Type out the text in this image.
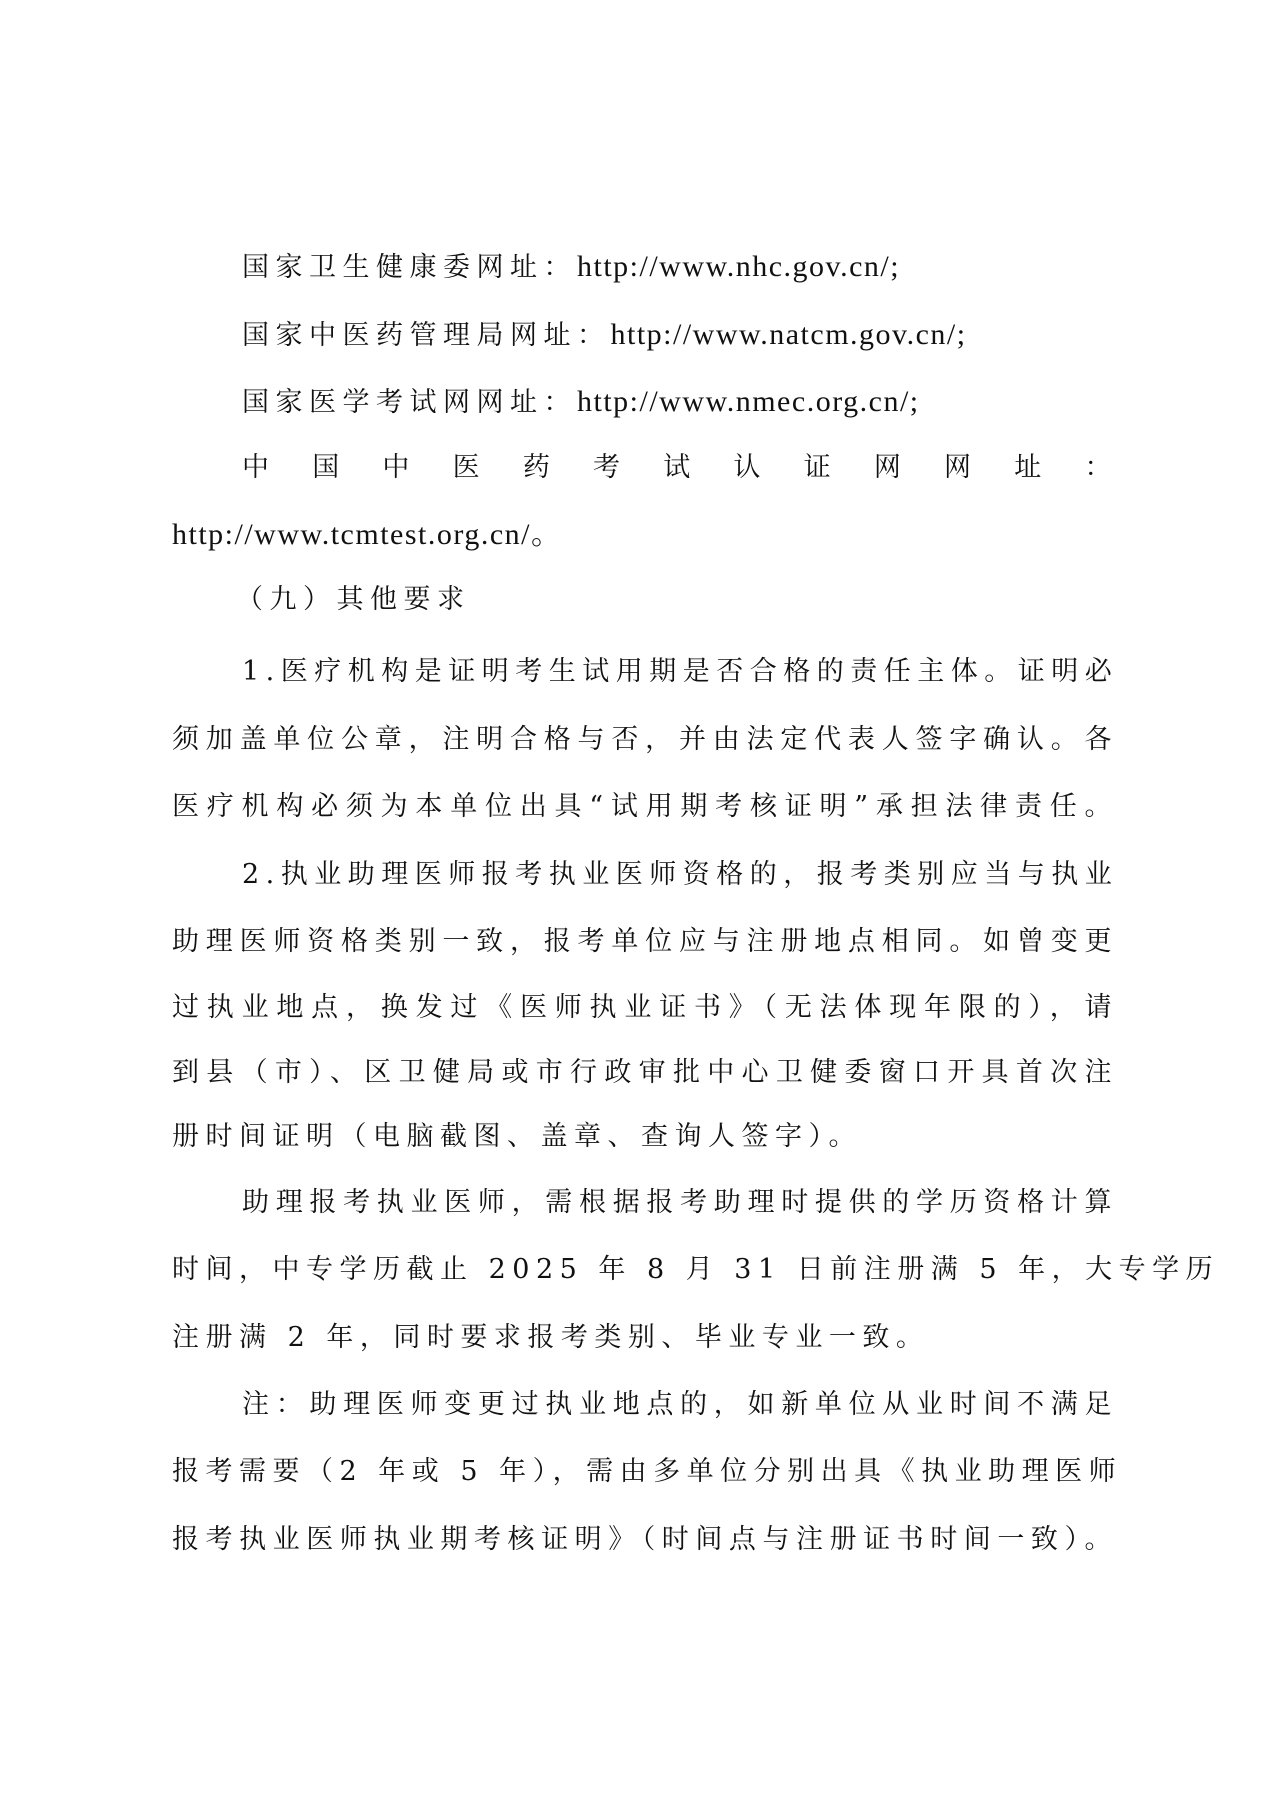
国家卫生健康委网址：http://www.nhc.gov.cn/;
国家中医药管理局网址：http://www.natcm.gov.cn/;
国家医学考试网网址：http://www.nmec.org.cn/;
中 国 中 医 药 考 试 认 证 网 网 址 ：
http://www.tcmtest.org.cn/。
（九）其他要求
1.医疗机构是证明考生试用期是否合格的责任主体。证明必
须加盖单位公章，注明合格与否，并由法定代表人签字确认。各
医疗机构必须为本单位出具“试用期考核证明”承担法律责任。
2.执业助理医师报考执业医师资格的，报考类别应当与执业
助理医师资格类别一致，报考单位应与注册地点相同。如曾变更
过执业地点，换发过《医师执业证书》（无法体现年限的），请
到县（市）、区卫健局或市行政审批中心卫健委窗口开具首次注
册时间证明（电脑截图、盖章、查询人签字）。
助理报考执业医师，需根据报考助理时提供的学历资格计算
时间，中专学历截止 2025 年 8 月 31 日前注册满 5 年，大专学历
注册满 2 年，同时要求报考类别、毕业专业一致。
注：助理医师变更过执业地点的，如新单位从业时间不满足
报考需要（2 年或 5 年），需由多单位分别出具《执业助理医师
报考执业医师执业期考核证明》（时间点与注册证书时间一致）。
